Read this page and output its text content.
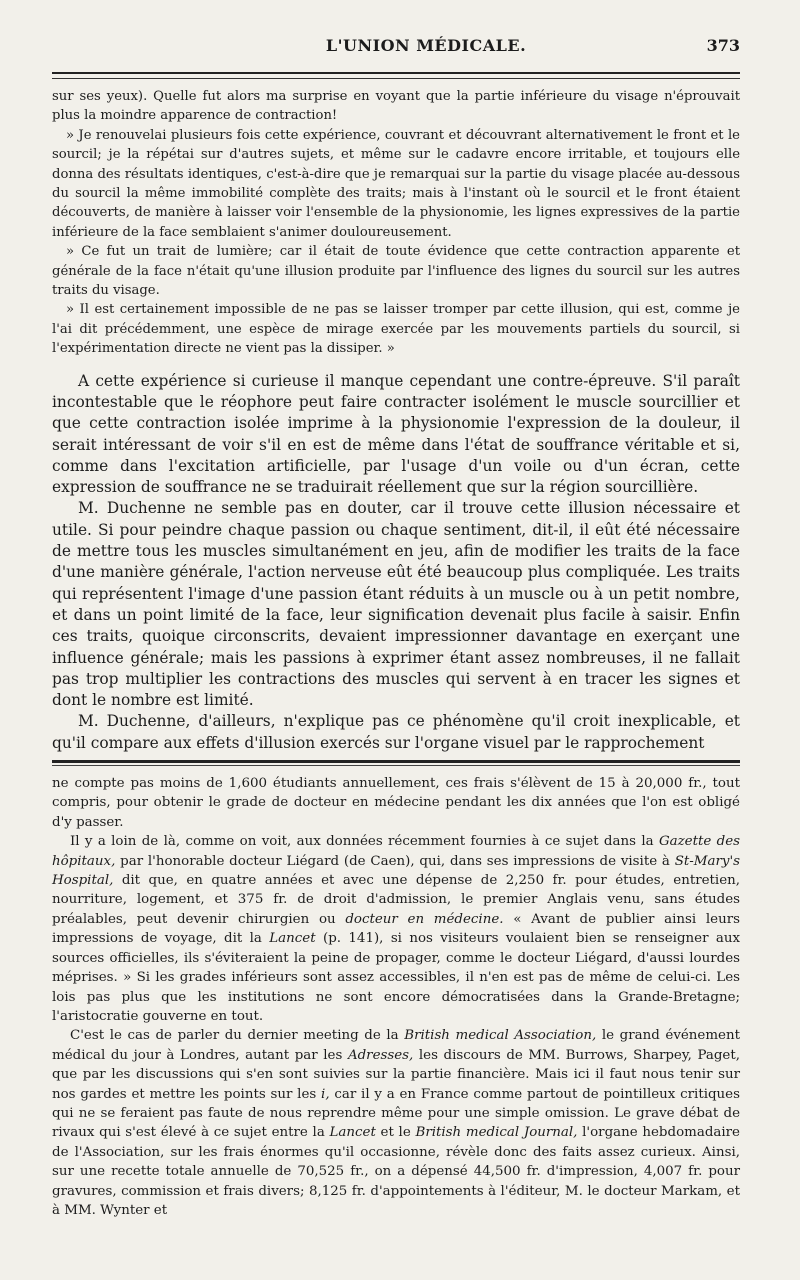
L'UNION MÉDICALE.	373

sur ses yeux). Quelle fut alors ma surprise en voyant que la partie inférieure du visage n'éprouvait plus la moindre apparence de contraction!

» Je renouvelai plusieurs fois cette expérience, couvrant et découvrant alternativement le front et le sourcil; je la répétai sur d'autres sujets, et même sur le cadavre encore irritable, et toujours elle donna des résultats identiques, c'est-à-dire que je remarquai sur la partie du visage placée au-dessous du sourcil la même immobilité complète des traits; mais à l'instant où le sourcil et le front étaient découverts, de manière à laisser voir l'ensemble de la physionomie, les lignes expressives de la partie inférieure de la face semblaient s'animer douloureusement.

» Ce fut un trait de lumière; car il était de toute évidence que cette contraction apparente et générale de la face n'était qu'une illusion produite par l'influence des lignes du sourcil sur les autres traits du visage.

» Il est certainement impossible de ne pas se laisser tromper par cette illusion, qui est, comme je l'ai dit précédemment, une espèce de mirage exercée par les mouvements partiels du sourcil, si l'expérimentation directe ne vient pas la dissiper. »

A cette expérience si curieuse il manque cependant une contre-épreuve. S'il paraît incontestable que le réophore peut faire contracter isolément le muscle sourcillier et que cette contraction isolée imprime à la physionomie l'expression de la douleur, il serait intéressant de voir s'il en est de même dans l'état de souffrance véritable et si, comme dans l'excitation artificielle, par l'usage d'un voile ou d'un écran, cette expression de souffrance ne se traduirait réellement que sur la région sourcillière.

M. Duchenne ne semble pas en douter, car il trouve cette illusion nécessaire et utile. Si pour peindre chaque passion ou chaque sentiment, dit-il, il eût été nécessaire de mettre tous les muscles simultanément en jeu, afin de modifier les traits de la face d'une manière générale, l'action nerveuse eût été beaucoup plus compliquée. Les traits qui représentent l'image d'une passion étant réduits à un muscle ou à un petit nombre, et dans un point limité de la face, leur signification devenait plus facile à saisir. Enfin ces traits, quoique circonscrits, devaient impressionner davantage en exerçant une influence générale; mais les passions à exprimer étant assez nombreuses, il ne fallait pas trop multiplier les contractions des muscles qui servent à en tracer les signes et dont le nombre est limité.

M. Duchenne, d'ailleurs, n'explique pas ce phénomène qu'il croit inexplicable, et qu'il compare aux effets d'illusion exercés sur l'organe visuel par le rapprochement

ne compte pas moins de 1,600 étudiants annuellement, ces frais s'élèvent de 15 à 20,000 fr., tout compris, pour obtenir le grade de docteur en médecine pendant les dix années que l'on est obligé d'y passer.

Il y a loin de là, comme on voit, aux données récemment fournies à ce sujet dans la Gazette des hôpitaux, par l'honorable docteur Liégard (de Caen), qui, dans ses impressions de visite à St-Mary's Hospital, dit que, en quatre années et avec une dépense de 2,250 fr. pour études, entretien, nourriture, logement, et 375 fr. de droit d'admission, le premier Anglais venu, sans études préalables, peut devenir chirurgien ou docteur en médecine. « Avant de publier ainsi leurs impressions de voyage, dit la Lancet (p. 141), si nos visiteurs voulaient bien se renseigner aux sources officielles, ils s'éviteraient la peine de propager, comme le docteur Liégard, d'aussi lourdes méprises. » Si les grades inférieurs sont assez accessibles, il n'en est pas de même de celui-ci. Les lois pas plus que les institutions ne sont encore démocratisées dans la Grande-Bretagne; l'aristocratie gouverne en tout.

C'est le cas de parler du dernier meeting de la British medical Association, le grand événement médical du jour à Londres, autant par les Adresses, les discours de MM. Burrows, Sharpey, Paget, que par les discussions qui s'en sont suivies sur la partie financière. Mais ici il faut nous tenir sur nos gardes et mettre les points sur les i, car il y a en France comme partout de pointilleux critiques qui ne se feraient pas faute de nous reprendre même pour une simple omission. Le grave débat de rivaux qui s'est élevé à ce sujet entre la Lancet et le British medical Journal, l'organe hebdomadaire de l'Association, sur les frais énormes qu'il occasionne, révèle donc des faits assez curieux. Ainsi, sur une recette totale annuelle de 70,525 fr., on a dépensé 44,500 fr. d'impression, 4,007 fr. pour gravures, commission et frais divers; 8,125 fr. d'appointements à l'éditeur, M. le docteur Markam, et à MM. Wynter et
